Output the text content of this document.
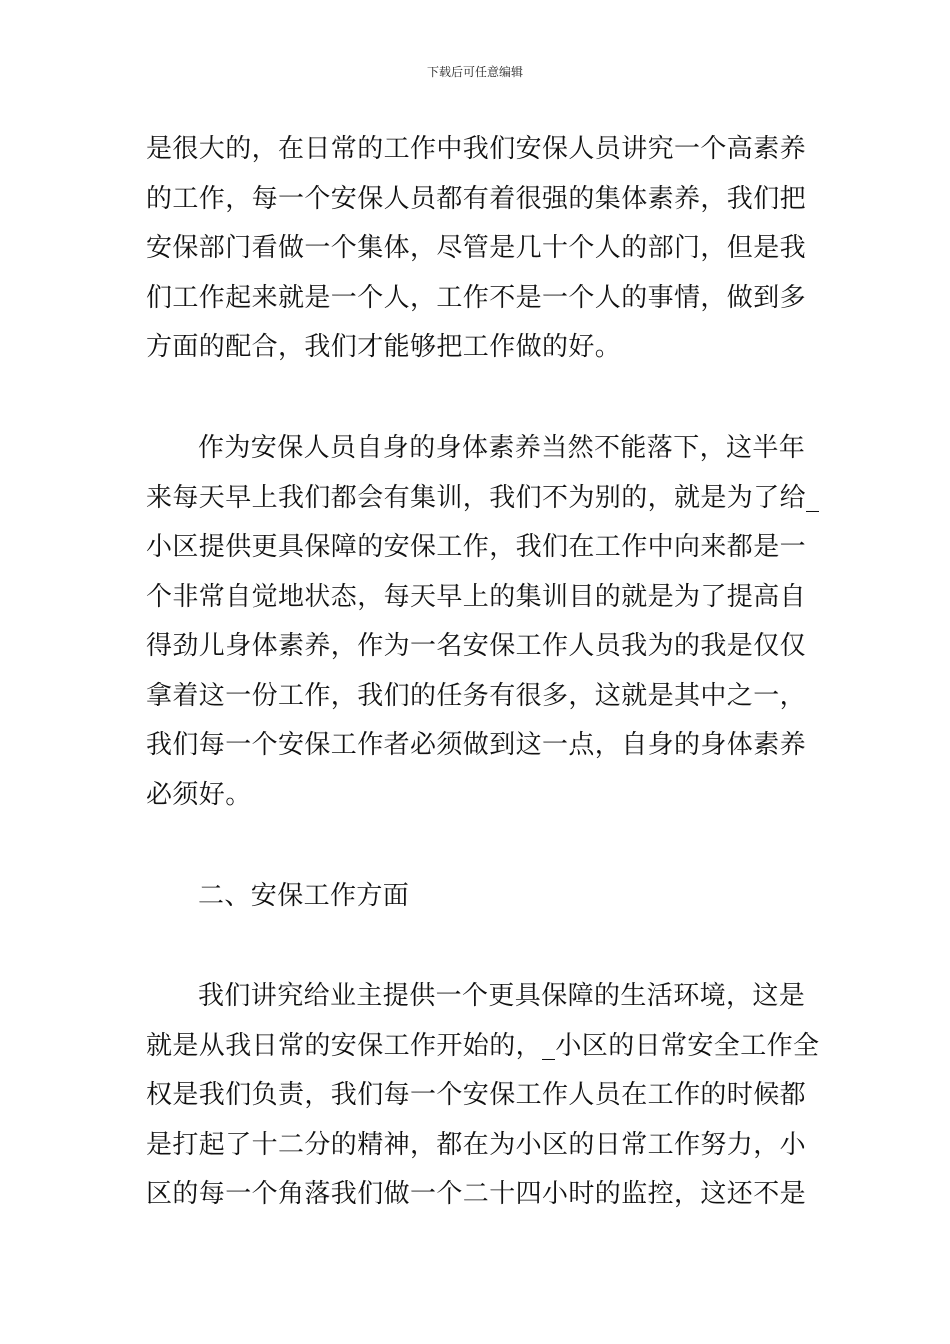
下载后可任意编辑
是很大的，在日常的工作中我们安保人员讲究一个高素养
的工作，每一个安保人员都有着很强的集体素养，我们把
安保部门看做一个集体，尽管是几十个人的部门，但是我
们工作起来就是一个人，工作不是一个人的事情，做到多
方面的配合，我们才能够把工作做的好。
作为安保人员自身的身体素养当然不能落下，这半年
来每天早上我们都会有集训，我们不为别的，就是为了给_
小区提供更具保障的安保工作，我们在工作中向来都是一
个非常自觉地状态，每天早上的集训目的就是为了提高自
得劲儿身体素养，作为一名安保工作人员我为的我是仅仅
拿着这一份工作，我们的任务有很多，这就是其中之一，
我们每一个安保工作者必须做到这一点，自身的身体素养
必须好。
二、安保工作方面
我们讲究给业主提供一个更具保障的生活环境，这是
就是从我日常的安保工作开始的，_小区的日常安全工作全
权是我们负责，我们每一个安保工作人员在工作的时候都
是打起了十二分的精神，都在为小区的日常工作努力，小
区的每一个角落我们做一个二十四小时的监控，这还不是
